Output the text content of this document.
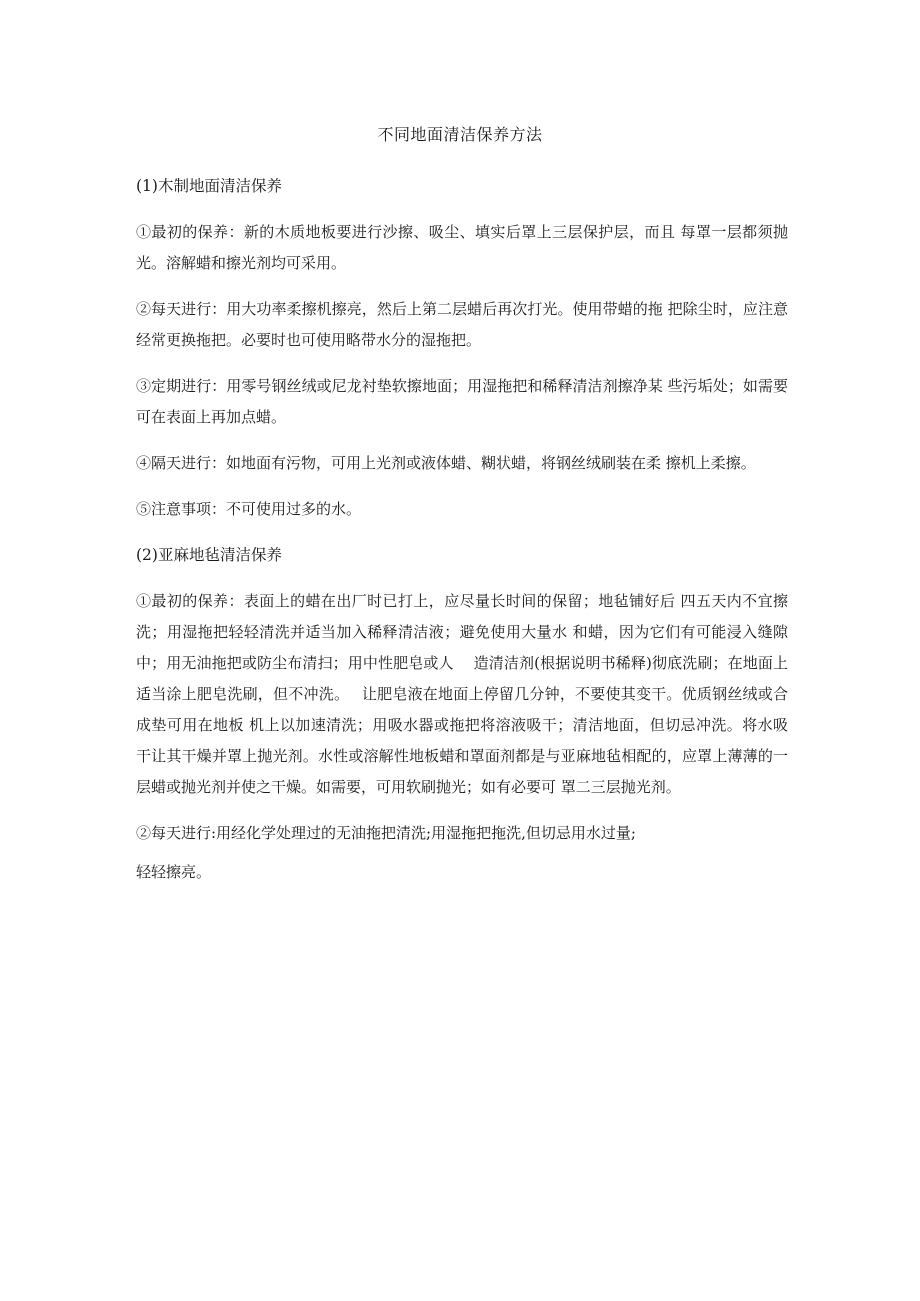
不同地面清洁保养方法
(1)木制地面清洁保养

①最初的保养：新的木质地板要进行沙擦、吸尘、填实后罩上三层保护层，而且 每罩一层都须抛光。溶解蜡和擦光剂均可采用。

②每天进行：用大功率柔擦机擦亮，然后上第二层蜡后再次打光。使用带蜡的拖 把除尘时，应注意经常更换拖把。必要时也可使用略带水分的湿拖把。

③定期进行：用零号钢丝绒或尼龙衬垫软擦地面；用湿拖把和稀释清洁剂擦净某 些污垢处；如需要可在表面上再加点蜡。

④隔天进行：如地面有污物，可用上光剂或液体蜡、糊状蜡，将钢丝绒刷装在柔 擦机上柔擦。

⑤注意事项：不可使用过多的水。

(2)亚麻地毡清洁保养

①最初的保养：表面上的蜡在出厂时已打上，应尽量长时间的保留；地毡铺好后 四五天内不宜擦洗；用湿拖把轻轻清洗并适当加入稀释清洁液；避免使用大量水 和蜡，因为它们有可能浸入缝隙中；用无油拖把或防尘布清扫；用中性肥皂或人　 造清洁剂(根据说明书稀释)彻底洗刷；在地面上适当涂上肥皂洗刷，但不冲洗。　 让肥皂液在地面上停留几分钟，不要使其变干。优质钢丝绒或合成垫可用在地板 机上以加速清洗；用吸水器或拖把将溶液吸干；清洁地面，但切忌冲洗。将水吸 干让其干燥并罩上抛光剂。水性或溶解性地板蜡和罩面剂都是与亚麻地毡相配的，应罩上薄薄的一层蜡或抛光剂并使之干燥。如需要，可用软刷抛光；如有必要可 罩二三层抛光剂。

②每天进行:用经化学处理过的无油拖把清洗;用湿拖把拖洗,但切忌用水过量;

轻轻擦亮。
